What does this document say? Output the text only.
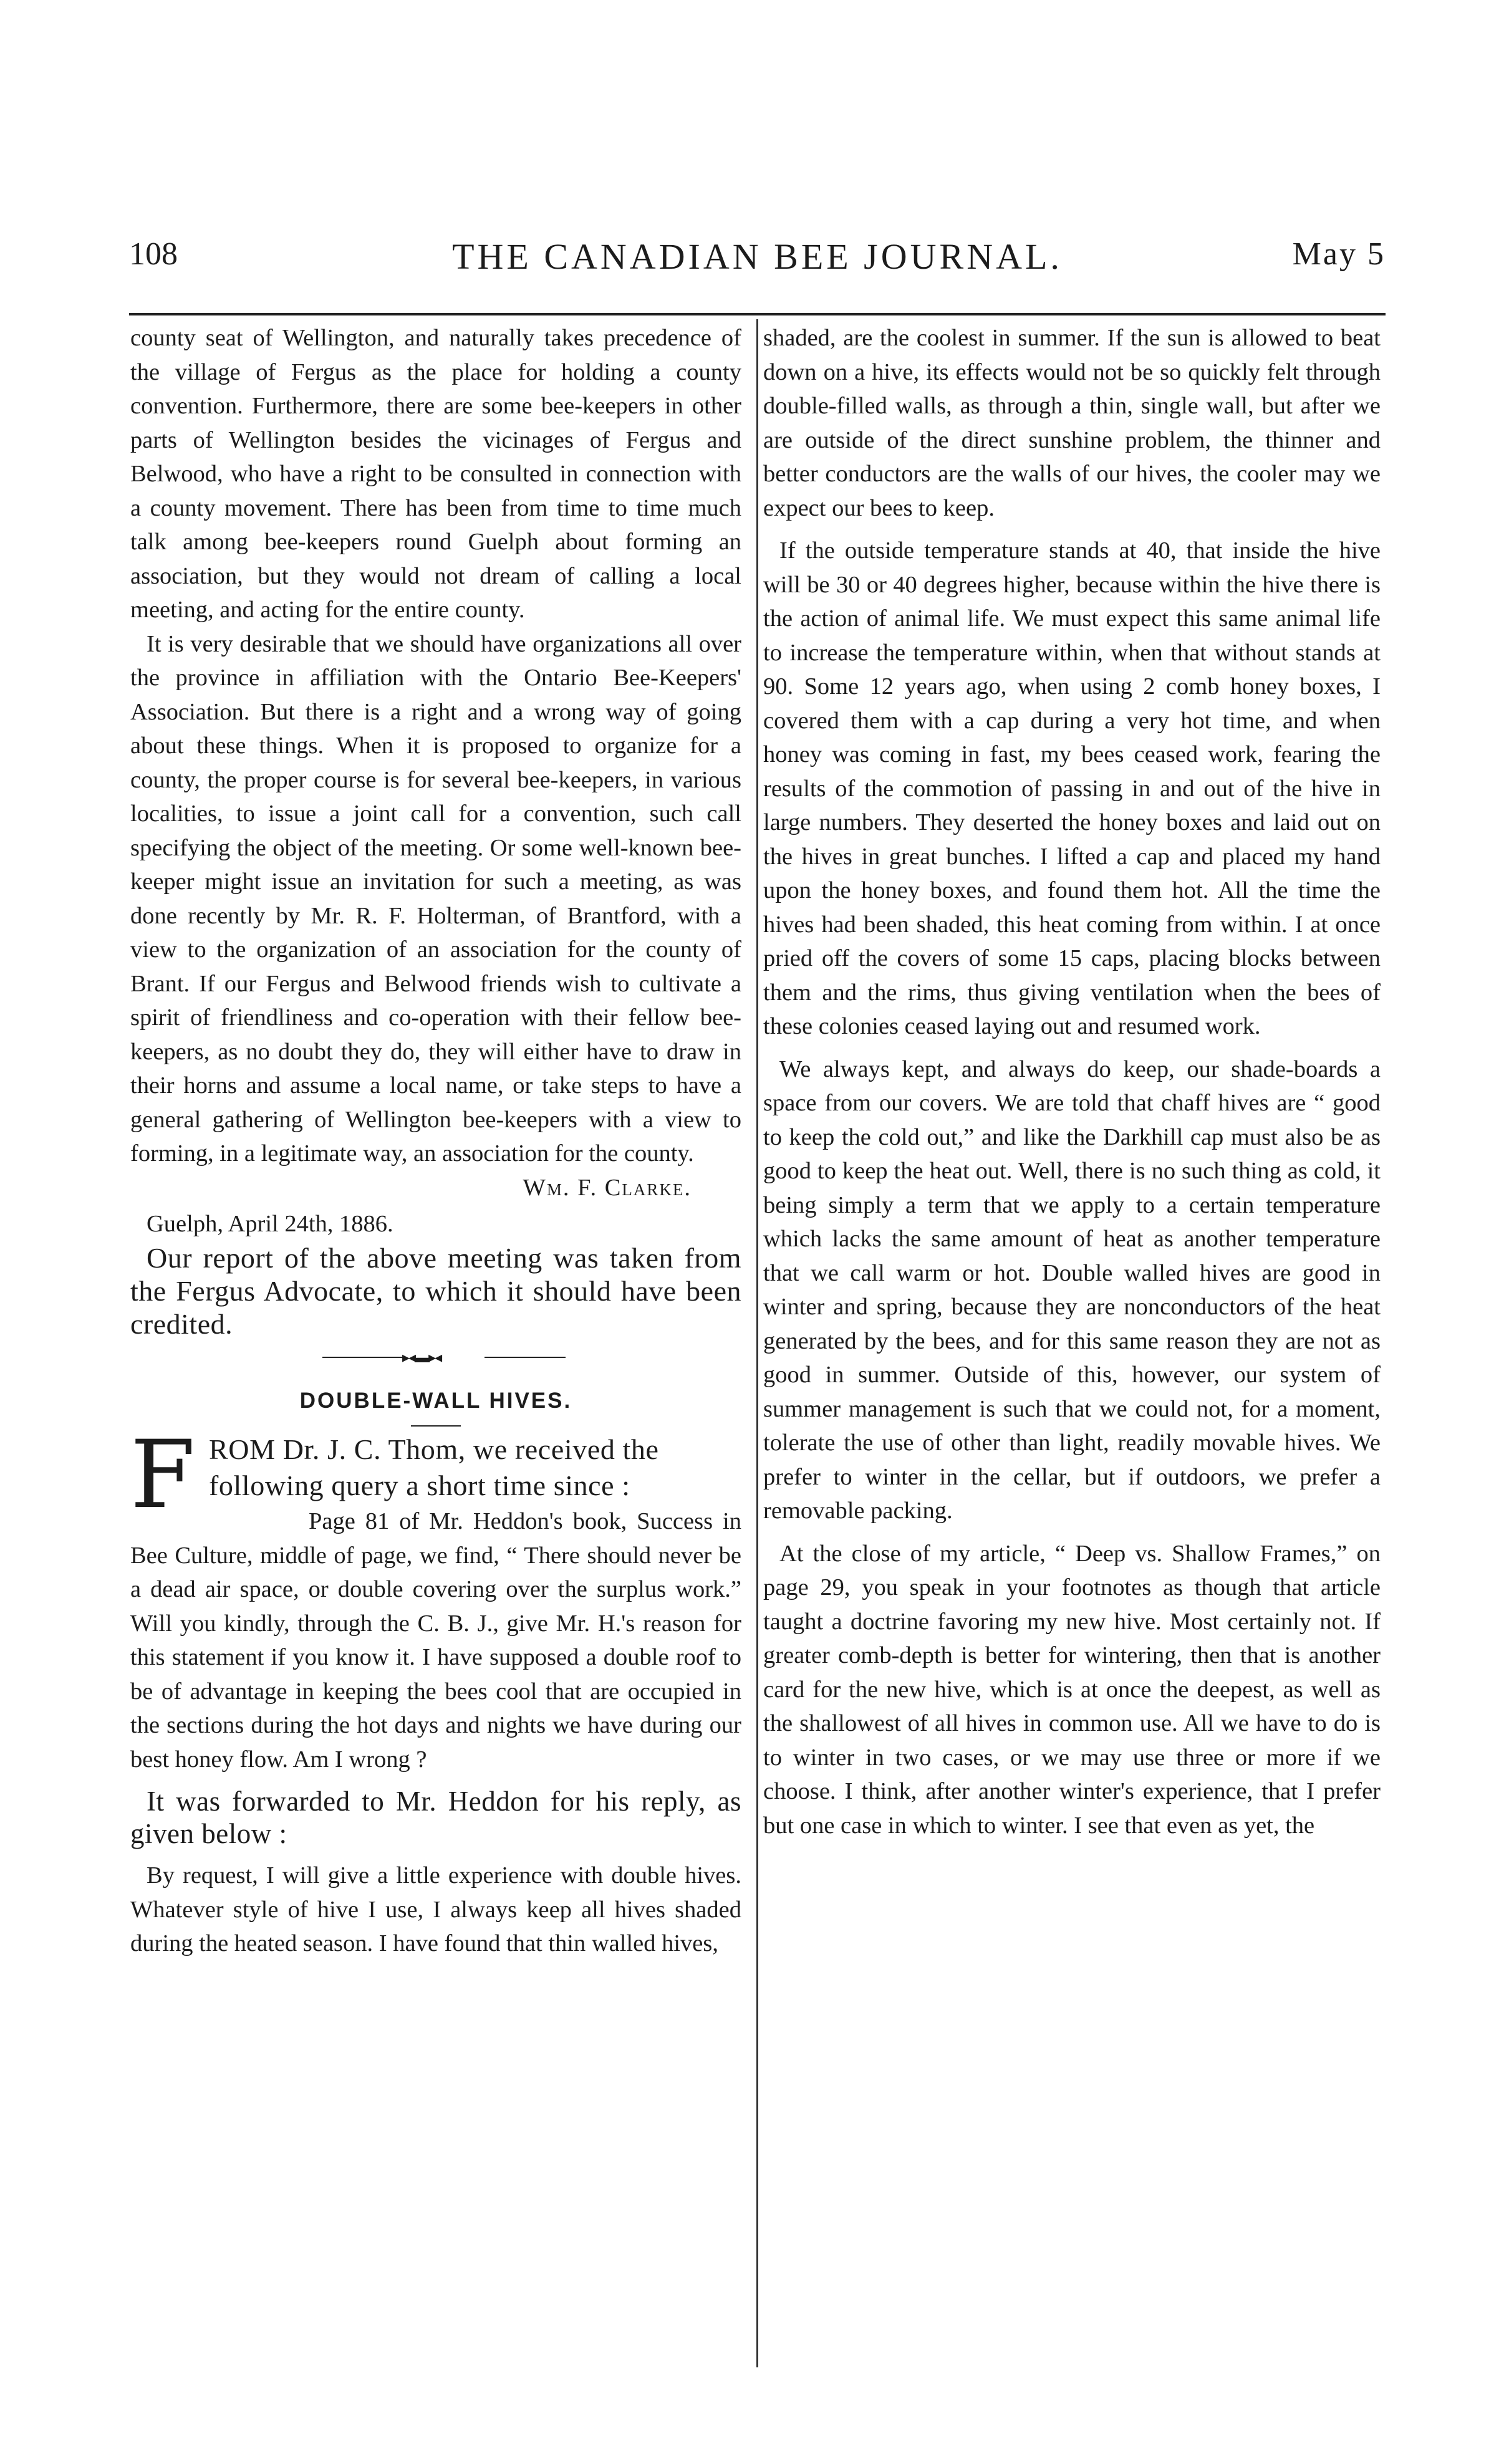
108	THE CANADIAN BEE JOURNAL.	May 5

county seat of Wellington, and naturally takes precedence of the village of Fergus as the place for holding a county convention. Furthermore, there are some bee-keepers in other parts of Wellington besides the vicinages of Fergus and Belwood, who have a right to be consulted in connection with a county movement. There has been from time to time much talk among bee-keepers round Guelph about forming an association, but they would not dream of calling a local meeting, and acting for the entire county.

It is very desirable that we should have organizations all over the province in affiliation with the Ontario Bee-Keepers' Association. But there is a right and a wrong way of going about these things. When it is proposed to organize for a county, the proper course is for several bee-keepers, in various localities, to issue a joint call for a convention, such call specifying the object of the meeting. Or some well-known bee-keeper might issue an invitation for such a meeting, as was done recently by Mr. R. F. Holterman, of Brantford, with a view to the organization of an association for the county of Brant. If our Fergus and Belwood friends wish to cultivate a spirit of friendliness and co-operation with their fellow bee-keepers, as no doubt they do, they will either have to draw in their horns and assume a local name, or take steps to have a general gathering of Wellington bee-keepers with a view to forming, in a legitimate way, an association for the county.

Wm. F. Clarke.

Guelph, April 24th, 1886.

Our report of the above meeting was taken from the Fergus Advocate, to which it should have been credited.

▸◂▬▸◂

DOUBLE-WALL HIVES.

F ROM Dr. J. C. Thom, we received the following query a short time since :

Page 81 of Mr. Heddon's book, Success in Bee Culture, middle of page, we find, “ There should never be a dead air space, or double covering over the surplus work.” Will you kindly, through the C. B. J., give Mr. H.'s reason for this statement if you know it. I have supposed a double roof to be of advantage in keeping the bees cool that are occupied in the sections during the hot days and nights we have during our best honey flow. Am I wrong ?

It was forwarded to Mr. Heddon for his reply, as given below :

By request, I will give a little experience with double hives. Whatever style of hive I use, I always keep all hives shaded during the heated season. I have found that thin walled hives,

shaded, are the coolest in summer. If the sun is allowed to beat down on a hive, its effects would not be so quickly felt through double-filled walls, as through a thin, single wall, but after we are outside of the direct sunshine problem, the thinner and better conductors are the walls of our hives, the cooler may we expect our bees to keep.

If the outside temperature stands at 40, that inside the hive will be 30 or 40 degrees higher, because within the hive there is the action of animal life. We must expect this same animal life to increase the temperature within, when that without stands at 90. Some 12 years ago, when using 2 comb honey boxes, I covered them with a cap during a very hot time, and when honey was coming in fast, my bees ceased work, fearing the results of the commotion of passing in and out of the hive in large numbers. They deserted the honey boxes and laid out on the hives in great bunches. I lifted a cap and placed my hand upon the honey boxes, and found them hot. All the time the hives had been shaded, this heat coming from within. I at once pried off the covers of some 15 caps, placing blocks between them and the rims, thus giving ventilation when the bees of these colonies ceased laying out and resumed work.

We always kept, and always do keep, our shade-boards a space from our covers. We are told that chaff hives are “ good to keep the cold out,” and like the Darkhill cap must also be as good to keep the heat out. Well, there is no such thing as cold, it being simply a term that we apply to a certain temperature which lacks the same amount of heat as another temperature that we call warm or hot. Double walled hives are good in winter and spring, because they are nonconductors of the heat generated by the bees, and for this same reason they are not as good in summer. Outside of this, however, our system of summer management is such that we could not, for a moment, tolerate the use of other than light, readily movable hives. We prefer to winter in the cellar, but if outdoors, we prefer a removable packing.

At the close of my article, “ Deep vs. Shallow Frames,” on page 29, you speak in your footnotes as though that article taught a doctrine favoring my new hive. Most certainly not. If greater comb-depth is better for wintering, then that is another card for the new hive, which is at once the deepest, as well as the shallowest of all hives in common use. All we have to do is to winter in two cases, or we may use three or more if we choose. I think, after another winter's experience, that I prefer but one case in which to winter. I see that even as yet, the
